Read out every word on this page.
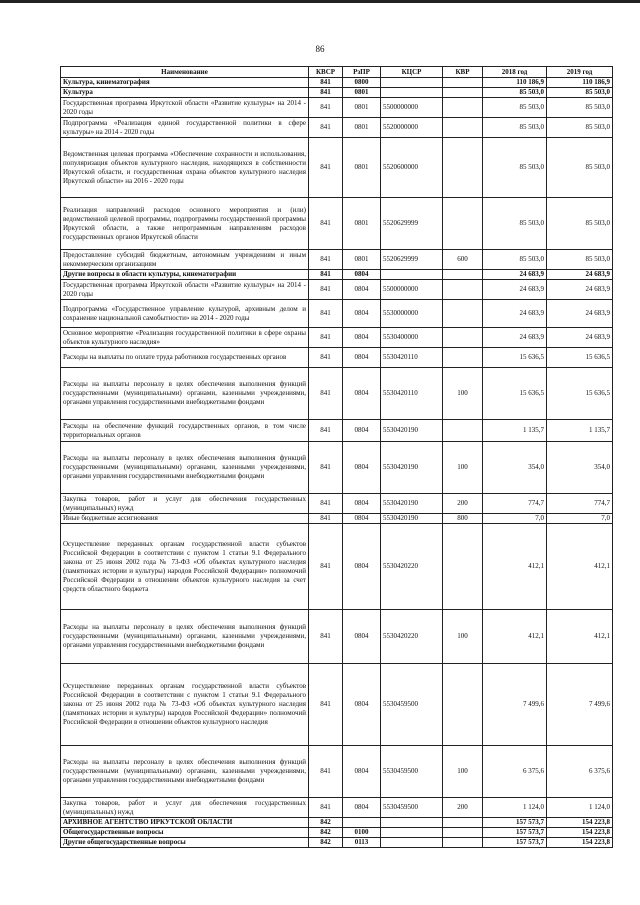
86
Наименование	КВСР	РзПР	КЦСР	КВР	2018 год	2019 год
Культура, кинематография	841	0800			110 186,9	110 186,9
Культура	841	0801			85 503,0	85 503,0
Государственная программа Иркутской области «Развитие культуры» на 2014 - 2020 годы	841	0801	5500000000		85 503,0	85 503,0
Подпрограмма «Реализация единой государственной политики в сфере культуры» на 2014 - 2020 годы	841	0801	5520000000		85 503,0	85 503,0
Ведомственная целевая программа «Обеспечение сохранности и использования, популяризация объектов культурного наследия, находящихся в собственности Иркутской области, и государственная охрана объектов культурного наследия Иркутской области» на 2016 - 2020 годы	841	0801	5520600000		85 503,0	85 503,0
Реализация направлений расходов основного мероприятия и (или) ведомственной целевой программы, подпрограммы государственной программы Иркутской области, а также непрограммным направлениям расходов государственных органов Иркутской области	841	0801	5520629999		85 503,0	85 503,0
Предоставление субсидий бюджетным, автономным учреждениям и иным некоммерческим организациям	841	0801	5520629999	600	85 503,0	85 503,0
Другие вопросы в области культуры, кинематографии	841	0804			24 683,9	24 683,9
Государственная программа Иркутской области «Развитие культуры» на 2014 - 2020 годы	841	0804	5500000000		24 683,9	24 683,9
Подпрограмма «Государственное управление культурой, архивным делом и сохранение национальной самобытности» на 2014 - 2020 годы	841	0804	5530000000		24 683,9	24 683,9
Основное мероприятие «Реализация государственной политики в сфере охраны объектов культурного наследия»	841	0804	5530400000		24 683,9	24 683,9
Расходы на выплаты по оплате труда работников государственных органов	841	0804	5530420110		15 636,5	15 636,5
Расходы на выплаты персоналу в целях обеспечения выполнения функций государственными (муниципальными) органами, казенными учреждениями, органами управления государственными внебюджетными фондами	841	0804	5530420110	100	15 636,5	15 636,5
Расходы на обеспечение функций государственных органов, в том числе территориальных органов	841	0804	5530420190		1 135,7	1 135,7
Расходы на выплаты персоналу в целях обеспечения выполнения функций государственными (муниципальными) органами, казенными учреждениями, органами управления государственными внебюджетными фондами	841	0804	5530420190	100	354,0	354,0
Закупка товаров, работ и услуг для обеспечения государственных (муниципальных) нужд	841	0804	5530420190	200	774,7	774,7
Иные бюджетные ассигнования	841	0804	5530420190	800	7,0	7,0
Осуществление переданных органам государственной власти субъектов Российской Федерации в соответствии с пунктом 1 статьи 9.1 Федерального закона от 25 июня 2002 года № 73-ФЗ «Об объектах культурного наследия (памятниках истории и культуры) народов Российской Федерации» полномочий Российской Федерации в отношении объектов культурного наследия за счет средств областного бюджета	841	0804	5530420220		412,1	412,1
Расходы на выплаты персоналу в целях обеспечения выполнения функций государственными (муниципальными) органами, казенными учреждениями, органами управления государственными внебюджетными фондами	841	0804	5530420220	100	412,1	412,1
Осуществление переданных органам государственной власти субъектов Российской Федерации в соответствии с пунктом 1 статьи 9.1 Федерального закона от 25 июня 2002 года № 73-ФЗ «Об объектах культурного наследия (памятниках истории и культуры) народов Российской Федерации» полномочий Российской Федерации в отношении объектов культурного наследия	841	0804	5530459500		7 499,6	7 499,6
Расходы на выплаты персоналу в целях обеспечения выполнения функций государственными (муниципальными) органами, казенными учреждениями, органами управления государственными внебюджетными фондами	841	0804	5530459500	100	6 375,6	6 375,6
Закупка товаров, работ и услуг для обеспечения государственных (муниципальных) нужд	841	0804	5530459500	200	1 124,0	1 124,0
АРХИВНОЕ АГЕНТСТВО ИРКУТСКОЙ ОБЛАСТИ	842				157 573,7	154 223,8
Общегосударственные вопросы	842	0100			157 573,7	154 223,8
Другие общегосударственные вопросы	842	0113			157 573,7	154 223,8
